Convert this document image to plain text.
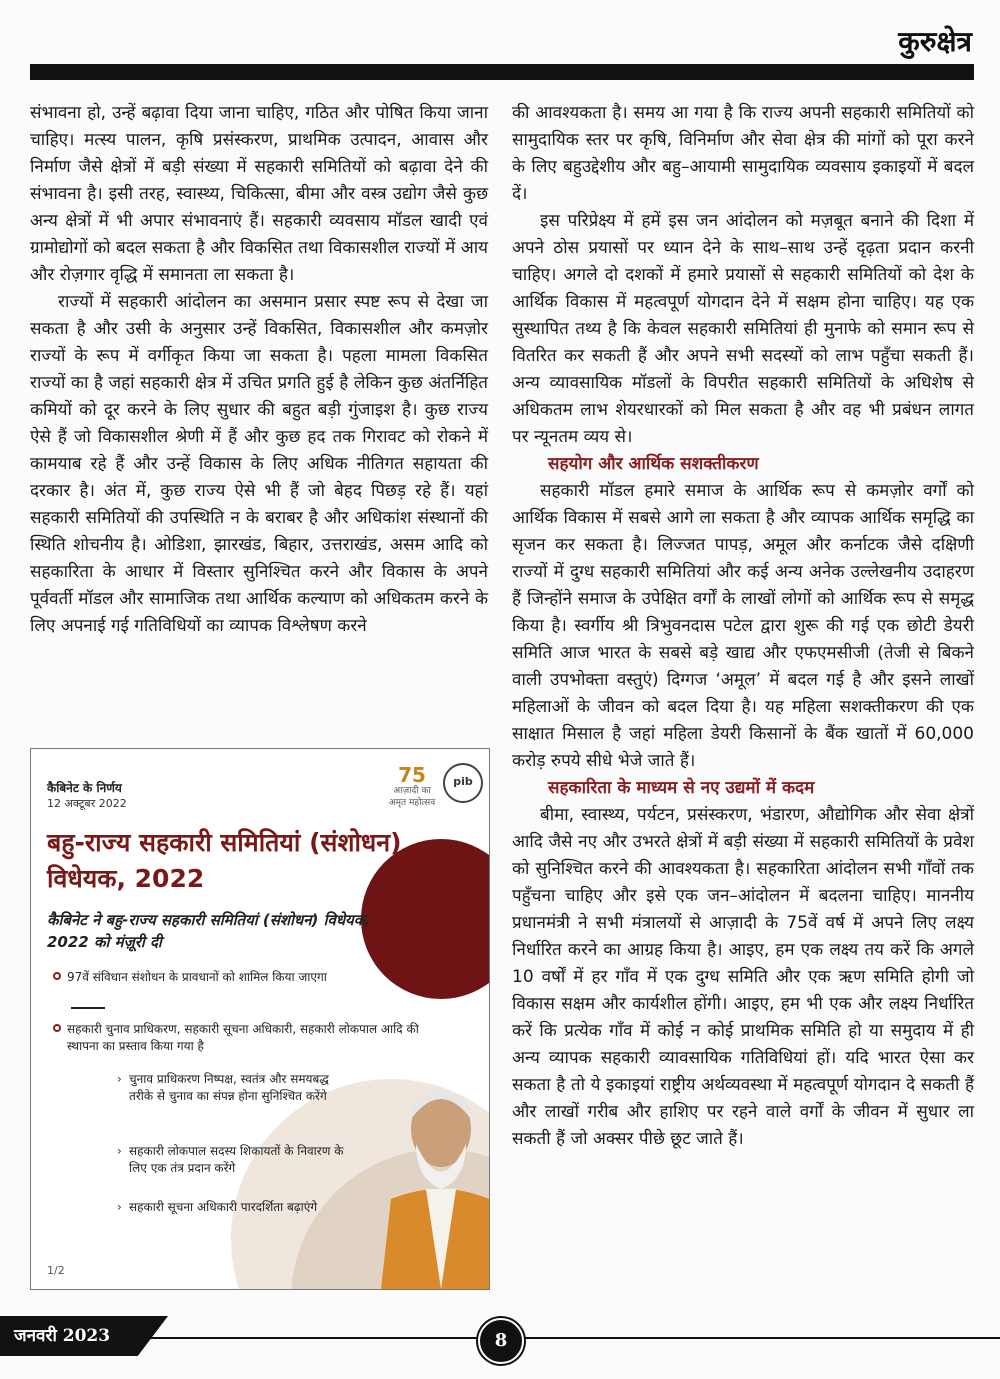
कुरुक्षेत्र

संभावना हो, उन्हें बढ़ावा दिया जाना चाहिए, गठित और पोषित किया जाना चाहिए। मत्स्य पालन, कृषि प्रसंस्करण, प्राथमिक उत्पादन, आवास और निर्माण जैसे क्षेत्रों में बड़ी संख्या में सहकारी समितियों को बढ़ावा देने की संभावना है। इसी तरह, स्वास्थ्य, चिकित्सा, बीमा और वस्त्र उद्योग जैसे कुछ अन्य क्षेत्रों में भी अपार संभावनाएं हैं। सहकारी व्यवसाय मॉडल खादी एवं ग्रामोद्योगों को बदल सकता है और विकसित तथा विकासशील राज्यों में आय और रोज़गार वृद्धि में समानता ला सकता है।

राज्यों में सहकारी आंदोलन का असमान प्रसार स्पष्ट रूप से देखा जा सकता है और उसी के अनुसार उन्हें विकसित, विकासशील और कमज़ोर राज्यों के रूप में वर्गीकृत किया जा सकता है। पहला मामला विकसित राज्यों का है जहां सहकारी क्षेत्र में उचित प्रगति हुई है लेकिन कुछ अंतर्निहित कमियों को दूर करने के लिए सुधार की बहुत बड़ी गुंजाइश है। कुछ राज्य ऐसे हैं जो विकासशील श्रेणी में हैं और कुछ हद तक गिरावट को रोकने में कामयाब रहे हैं और उन्हें विकास के लिए अधिक नीतिगत सहायता की दरकार है। अंत में, कुछ राज्य ऐसे भी हैं जो बेहद पिछड़ रहे हैं। यहां सहकारी समितियों की उपस्थिति न के बराबर है और अधिकांश संस्थानों की स्थिति शोचनीय है। ओडिशा, झारखंड, बिहार, उत्तराखंड, असम आदि को सहकारिता के आधार में विस्तार सुनिश्चित करने और विकास के अपने पूर्ववर्ती मॉडल और सामाजिक तथा आर्थिक कल्याण को अधिकतम करने के लिए अपनाई गई गतिविधियों का व्यापक विश्लेषण करने

कैबिनेट के निर्णय
12 अक्टूबर 2022
75
आज़ादी का अमृत महोत्सव
pib
बहु-राज्य सहकारी समितियां (संशोधन) विधेयक, 2022
कैबिनेट ने बहु-राज्य सहकारी समितियां (संशोधन) विधेयक, 2022 को मंज़ूरी दी
97वें संविधान संशोधन के प्रावधानों को शामिल किया जाएगा
सहकारी चुनाव प्राधिकरण, सहकारी सूचना अधिकारी, सहकारी लोकपाल आदि की स्थापना का प्रस्ताव किया गया है
› चुनाव प्राधिकरण निष्पक्ष, स्वतंत्र और समयबद्ध तरीके से चुनाव का संपन्न होना सुनिश्चित करेंगे
› सहकारी लोकपाल सदस्य शिकायतों के निवारण के लिए एक तंत्र प्रदान करेंगे
› सहकारी सूचना अधिकारी पारदर्शिता बढ़ाएंगे
1/2

की आवश्यकता है। समय आ गया है कि राज्य अपनी सहकारी समितियों को सामुदायिक स्तर पर कृषि, विनिर्माण और सेवा क्षेत्र की मांगों को पूरा करने के लिए बहुउद्देशीय और बहु–आयामी सामुदायिक व्यवसाय इकाइयों में बदल दें।

इस परिप्रेक्ष्य में हमें इस जन आंदोलन को मज़बूत बनाने की दिशा में अपने ठोस प्रयासों पर ध्यान देने के साथ–साथ उन्हें दृढ़ता प्रदान करनी चाहिए। अगले दो दशकों में हमारे प्रयासों से सहकारी समितियों को देश के आर्थिक विकास में महत्वपूर्ण योगदान देने में सक्षम होना चाहिए। यह एक सुस्थापित तथ्य है कि केवल सहकारी समितियां ही मुनाफे को समान रूप से वितरित कर सकती हैं और अपने सभी सदस्यों को लाभ पहुँचा सकती हैं। अन्य व्यावसायिक मॉडलों के विपरीत सहकारी समितियों के अधिशेष से अधिकतम लाभ शेयरधारकों को मिल सकता है और वह भी प्रबंधन लागत पर न्यूनतम व्यय से।

सहयोग और आर्थिक सशक्तीकरण

सहकारी मॉडल हमारे समाज के आर्थिक रूप से कमज़ोर वर्गों को आर्थिक विकास में सबसे आगे ला सकता है और व्यापक आर्थिक समृद्धि का सृजन कर सकता है। लिज्जत पापड़, अमूल और कर्नाटक जैसे दक्षिणी राज्यों में दुग्ध सहकारी समितियां और कई अन्य अनेक उल्लेखनीय उदाहरण हैं जिन्होंने समाज के उपेक्षित वर्गों के लाखों लोगों को आर्थिक रूप से समृद्ध किया है। स्वर्गीय श्री त्रिभुवनदास पटेल द्वारा शुरू की गई एक छोटी डेयरी समिति आज भारत के सबसे बड़े खाद्य और एफएमसीजी (तेजी से बिकने वाली उपभोक्ता वस्तुएं) दिग्गज ‘अमूल’ में बदल गई है और इसने लाखों महिलाओं के जीवन को बदल दिया है। यह महिला सशक्तीकरण की एक साक्षात मिसाल है जहां महिला डेयरी किसानों के बैंक खातों में 60,000 करोड़ रुपये सीधे भेजे जाते हैं।

सहकारिता के माध्यम से नए उद्यमों में कदम

बीमा, स्वास्थ्य, पर्यटन, प्रसंस्करण, भंडारण, औद्योगिक और सेवा क्षेत्रों आदि जैसे नए और उभरते क्षेत्रों में बड़ी संख्या में सहकारी समितियों के प्रवेश को सुनिश्चित करने की आवश्यकता है। सहकारिता आंदोलन सभी गाँवों तक पहुँचना चाहिए और इसे एक जन–आंदोलन में बदलना चाहिए। माननीय प्रधानमंत्री ने सभी मंत्रालयों से आज़ादी के 75वें वर्ष में अपने लिए लक्ष्य निर्धारित करने का आग्रह किया है। आइए, हम एक लक्ष्य तय करें कि अगले 10 वर्षों में हर गाँव में एक दुग्ध समिति और एक ऋण समिति होगी जो विकास सक्षम और कार्यशील होंगी। आइए, हम भी एक और लक्ष्य निर्धारित करें कि प्रत्येक गाँव में कोई न कोई प्राथमिक समिति हो या समुदाय में ही अन्य व्यापक सहकारी व्यावसायिक गतिविधियां हों। यदि भारत ऐसा कर सकता है तो ये इकाइयां राष्ट्रीय अर्थव्यवस्था में महत्वपूर्ण योगदान दे सकती हैं और लाखों गरीब और हाशिए पर रहने वाले वर्गों के जीवन में सुधार ला सकती हैं जो अक्सर पीछे छूट जाते हैं।

जनवरी 2023	8
